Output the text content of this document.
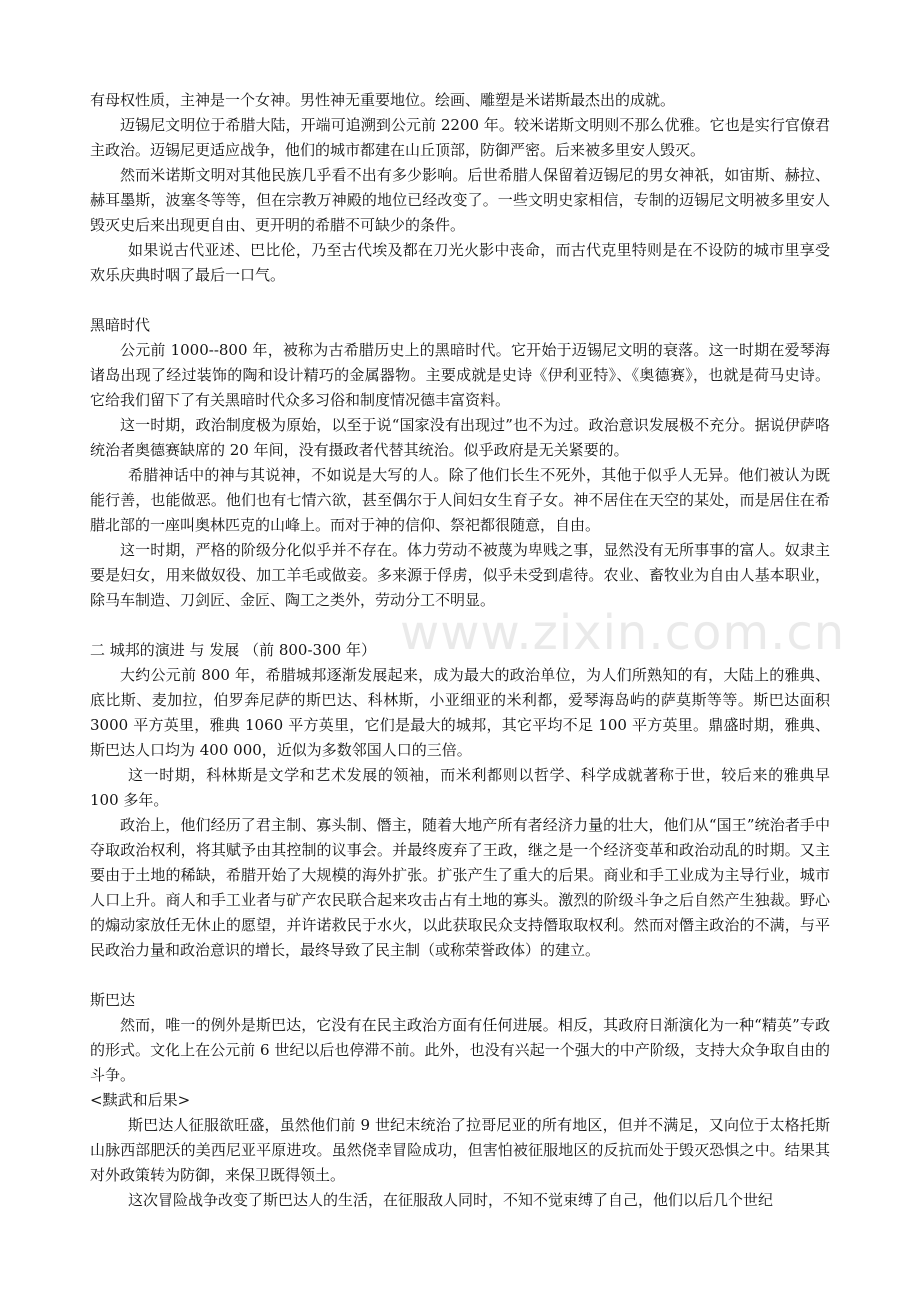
www.zixin.com.cn

有母权性质，主神是一个女神。男性神无重要地位。绘画、雕塑是米诺斯最杰出的成就。

迈锡尼文明位于希腊大陆，开端可追溯到公元前 2200 年。较米诺斯文明则不那么优雅。它也是实行官僚君主政治。迈锡尼更适应战争，他们的城市都建在山丘顶部，防御严密。后来被多里安人毁灭。

然而米诺斯文明对其他民族几乎看不出有多少影响。后世希腊人保留着迈锡尼的男女神祇，如宙斯、赫拉、赫耳墨斯，波塞冬等等，但在宗教万神殿的地位已经改变了。一些文明史家相信，专制的迈锡尼文明被多里安人毁灭史后来出现更自由、更开明的希腊不可缺少的条件。

如果说古代亚述、巴比伦，乃至古代埃及都在刀光火影中丧命，而古代克里特则是在不设防的城市里享受欢乐庆典时咽了最后一口气。

黑暗时代

公元前 1000--800 年，被称为古希腊历史上的黑暗时代。它开始于迈锡尼文明的衰落。这一时期在爱琴海诸岛出现了经过装饰的陶和设计精巧的金属器物。主要成就是史诗《伊利亚特》、《奥德赛》，也就是荷马史诗。它给我们留下了有关黑暗时代众多习俗和制度情况德丰富资料。

这一时期，政治制度极为原始，以至于说“国家没有出现过”也不为过。政治意识发展极不充分。据说伊萨咯统治者奥德赛缺席的 20 年间，没有摄政者代替其统治。似乎政府是无关紧要的。

希腊神话中的神与其说神，不如说是大写的人。除了他们长生不死外，其他于似乎人无异。他们被认为既能行善，也能做恶。他们也有七情六欲，甚至偶尔于人间妇女生育子女。神不居住在天空的某处，而是居住在希腊北部的一座叫奥林匹克的山峰上。而对于神的信仰、祭祀都很随意，自由。

这一时期，严格的阶级分化似乎并不存在。体力劳动不被蔑为卑贱之事，显然没有无所事事的富人。奴隶主要是妇女，用来做奴役、加工羊毛或做妾。多来源于俘虏，似乎未受到虐待。农业、畜牧业为自由人基本职业，除马车制造、刀剑匠、金匠、陶工之类外，劳动分工不明显。

二 城邦的演进 与 发展 （前 800-300 年）

大约公元前 800 年，希腊城邦逐渐发展起来，成为最大的政治单位，为人们所熟知的有，大陆上的雅典、底比斯、麦加拉，伯罗奔尼萨的斯巴达、科林斯，小亚细亚的米利都，爱琴海岛屿的萨莫斯等等。斯巴达面积 3000 平方英里，雅典 1060 平方英里，它们是最大的城邦，其它平均不足 100 平方英里。鼎盛时期，雅典、斯巴达人口均为 400 000，近似为多数邻国人口的三倍。

这一时期，科林斯是文学和艺术发展的领袖，而米利都则以哲学、科学成就著称于世，较后来的雅典早 100 多年。

政治上，他们经历了君主制、寡头制、僭主，随着大地产所有者经济力量的壮大，他们从“国王”统治者手中夺取政治权利，将其赋予由其控制的议事会。并最终废弃了王政，继之是一个经济变革和政治动乱的时期。又主要由于土地的稀缺，希腊开始了大规模的海外扩张。扩张产生了重大的后果。商业和手工业成为主导行业，城市人口上升。商人和手工业者与矿产农民联合起来攻击占有土地的寡头。激烈的阶级斗争之后自然产生独裁。野心的煽动家放任无休止的愿望，并许诺救民于水火，以此获取民众支持僭取取权利。然而对僭主政治的不满，与平民政治力量和政治意识的增长，最终导致了民主制（或称荣誉政体）的建立。

斯巴达

然而，唯一的例外是斯巴达，它没有在民主政治方面有任何进展。相反，其政府日渐演化为一种“精英”专政的形式。文化上在公元前 6 世纪以后也停滞不前。此外，也没有兴起一个强大的中产阶级，支持大众争取自由的斗争。

<黩武和后果>

斯巴达人征服欲旺盛，虽然他们前 9 世纪末统治了拉哥尼亚的所有地区，但并不满足，又向位于太格托斯山脉西部肥沃的美西尼亚平原进攻。虽然侥幸冒险成功，但害怕被征服地区的反抗而处于毁灭恐惧之中。结果其对外政策转为防御，来保卫既得领土。

这次冒险战争改变了斯巴达人的生活，在征服敌人同时，不知不觉束缚了自己，他们以后几个世纪
